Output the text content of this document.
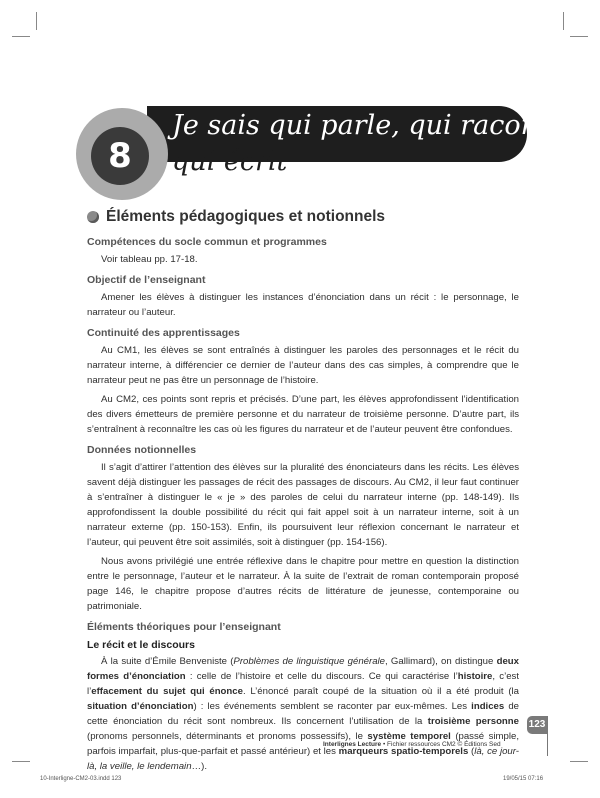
8
Je sais qui parle, qui raconte,
qui écrit
Éléments pédagogiques et notionnels
Compétences du socle commun et programmes

Voir tableau pp. 17-18.

Objectif de l’enseignant

Amener les élèves à distinguer les instances d’énonciation dans un récit : le personnage, le narrateur ou l’auteur.

Continuité des apprentissages

Au CM1, les élèves se sont entraînés à distinguer les paroles des personnages et le récit du narrateur interne, à différencier ce dernier de l’auteur dans des cas simples, à comprendre que le narrateur peut ne pas être un personnage de l’histoire.

Au CM2, ces points sont repris et précisés. D’une part, les élèves approfondissent l’identification des divers émetteurs de première personne et du narrateur de troisième personne. D’autre part, ils s’entraînent à reconnaître les cas où les figures du narrateur et de l’auteur peuvent être confondues.

Données notionnelles

Il s’agit d’attirer l’attention des élèves sur la pluralité des énonciateurs dans les récits. Les élèves savent déjà distinguer les passages de récit des passages de discours. Au CM2, il leur faut continuer à s’entraîner à distinguer le « je » des paroles de celui du narrateur interne (pp. 148-149). Ils approfondissent la double possibilité du récit qui fait appel soit à un narrateur interne, soit à un narrateur externe (pp. 150-153). Enfin, ils poursuivent leur réflexion concernant le narrateur et l’auteur, qui peuvent être soit assimilés, soit à distinguer (pp. 154-156).

Nous avons privilégié une entrée réflexive dans le chapitre pour mettre en question la distinction entre le personnage, l’auteur et le narrateur. À la suite de l’extrait de roman contemporain proposé page 146, le chapitre propose d’autres récits de littérature de jeunesse, contemporaine ou patrimoniale.

Éléments théoriques pour l’enseignant
Le récit et le discours

À la suite d’Émile Benveniste (Problèmes de linguistique générale, Gallimard), on distingue deux formes d’énonciation : celle de l’histoire et celle du discours. Ce qui caractérise l’histoire, c’est l’effacement du sujet qui énonce. L’énoncé paraît coupé de la situation où il a été produit (la situation d’énonciation) : les événements semblent se raconter par eux-mêmes. Les indices de cette énonciation du récit sont nombreux. Ils concernent l’utilisation de la troisième personne (pronoms personnels, déterminants et pronoms possessifs), le système temporel (passé simple, parfois imparfait, plus-que-parfait et passé antérieur) et les marqueurs spatio-temporels (là, ce jour-là, la veille, le lendemain…).

123
Interlignes Lecture • Fichier ressources CM2 © Éditions Sed
10-Interligne-CM2-03.indd 123	19/05/15 07:16
